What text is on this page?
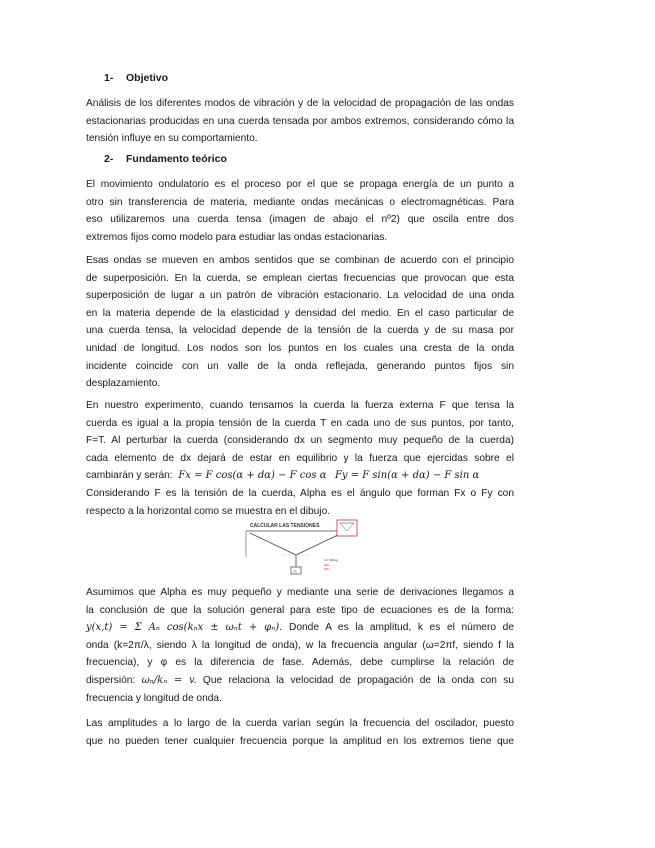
1- Objetivo
Análisis de los diferentes modos de vibración y de la velocidad de propagación de las ondas
estacionarias producidas en una cuerda tensada por ambos extremos, considerando cómo la
tensión influye en su comportamiento.
2- Fundamento teórico
El movimiento ondulatorio es el proceso por el que se propaga energía de un punto a
otro sin transferencia de materia, mediante ondas mecánicas o electromagnéticas. Para
eso utilizaremos una cuerda tensa (imagen de abajo el nº2) que oscila entre dos
extremos fijos como modelo para estudiar las ondas estacionarias.
Esas ondas se mueven en ambos sentidos que se combinan de acuerdo con el principio
de superposición. En la cuerda, se emplean ciertas frecuencias que provocan que esta
superposición de lugar a un patrón de vibración estacionario. La velocidad de una onda
en la materia depende de la elasticidad y densidad del medio. En el caso particular de
una cuerda tensa, la velocidad depende de la tensión de la cuerda y de su masa por
unidad de longitud. Los nodos son los puntos en los cuales una cresta de la onda
incidente coincide con un valle de la onda reflejada, generando puntos fijos sin
desplazamiento.
En nuestro experimento, cuando tensamos la cuerda la fuerza externa F que tensa la
cuerda es igual a la propia tensión de la cuerda T en cada uno de sus puntos, por tanto,
F=T. Al perturbar la cuerda (considerando dx un segmento muy pequeño de la cuerda)
cada elemento de dx dejará de estar en equilibrio y la fuerza que ejercidas sobre el
cambiarán y serán: Fx = F cos(α + dα) − F cos α Fy = F sin(α + dα) − F sin α
Considerando F es la tensión de la cuerda, Alpha es el ángulo que forman Fx o Fy con
respecto a la horizontal como se muestra en el dibujo.
CALCULAR LAS TENSIONES
m
m= 500 kg
Ta=...
Tb=...
Asumimos que Alpha es muy pequeño y mediante una serie de derivaciones llegamos a
la conclusión de que la solución general para este tipo de ecuaciones es de la forma:
y(x,t) = Σ Aₙ cos(kₙx ± ωₙt + φₙ). Donde A es la amplitud, k es el número de
onda (k=2π/λ, siendo λ la longitud de onda), w la frecuencia angular (ω=2πf, siendo f la
frecuencia), y φ es la diferencia de fase. Además, debe cumplirse la relación de
dispersión: ωₙ/kₙ = v. Que relaciona la velocidad de propagación de la onda con su
frecuencia y longitud de onda.
Las amplitudes a lo largo de la cuerda varían según la frecuencia del oscilador, puesto
que no pueden tener cualquier frecuencia porque la amplitud en los extremos tiene que
